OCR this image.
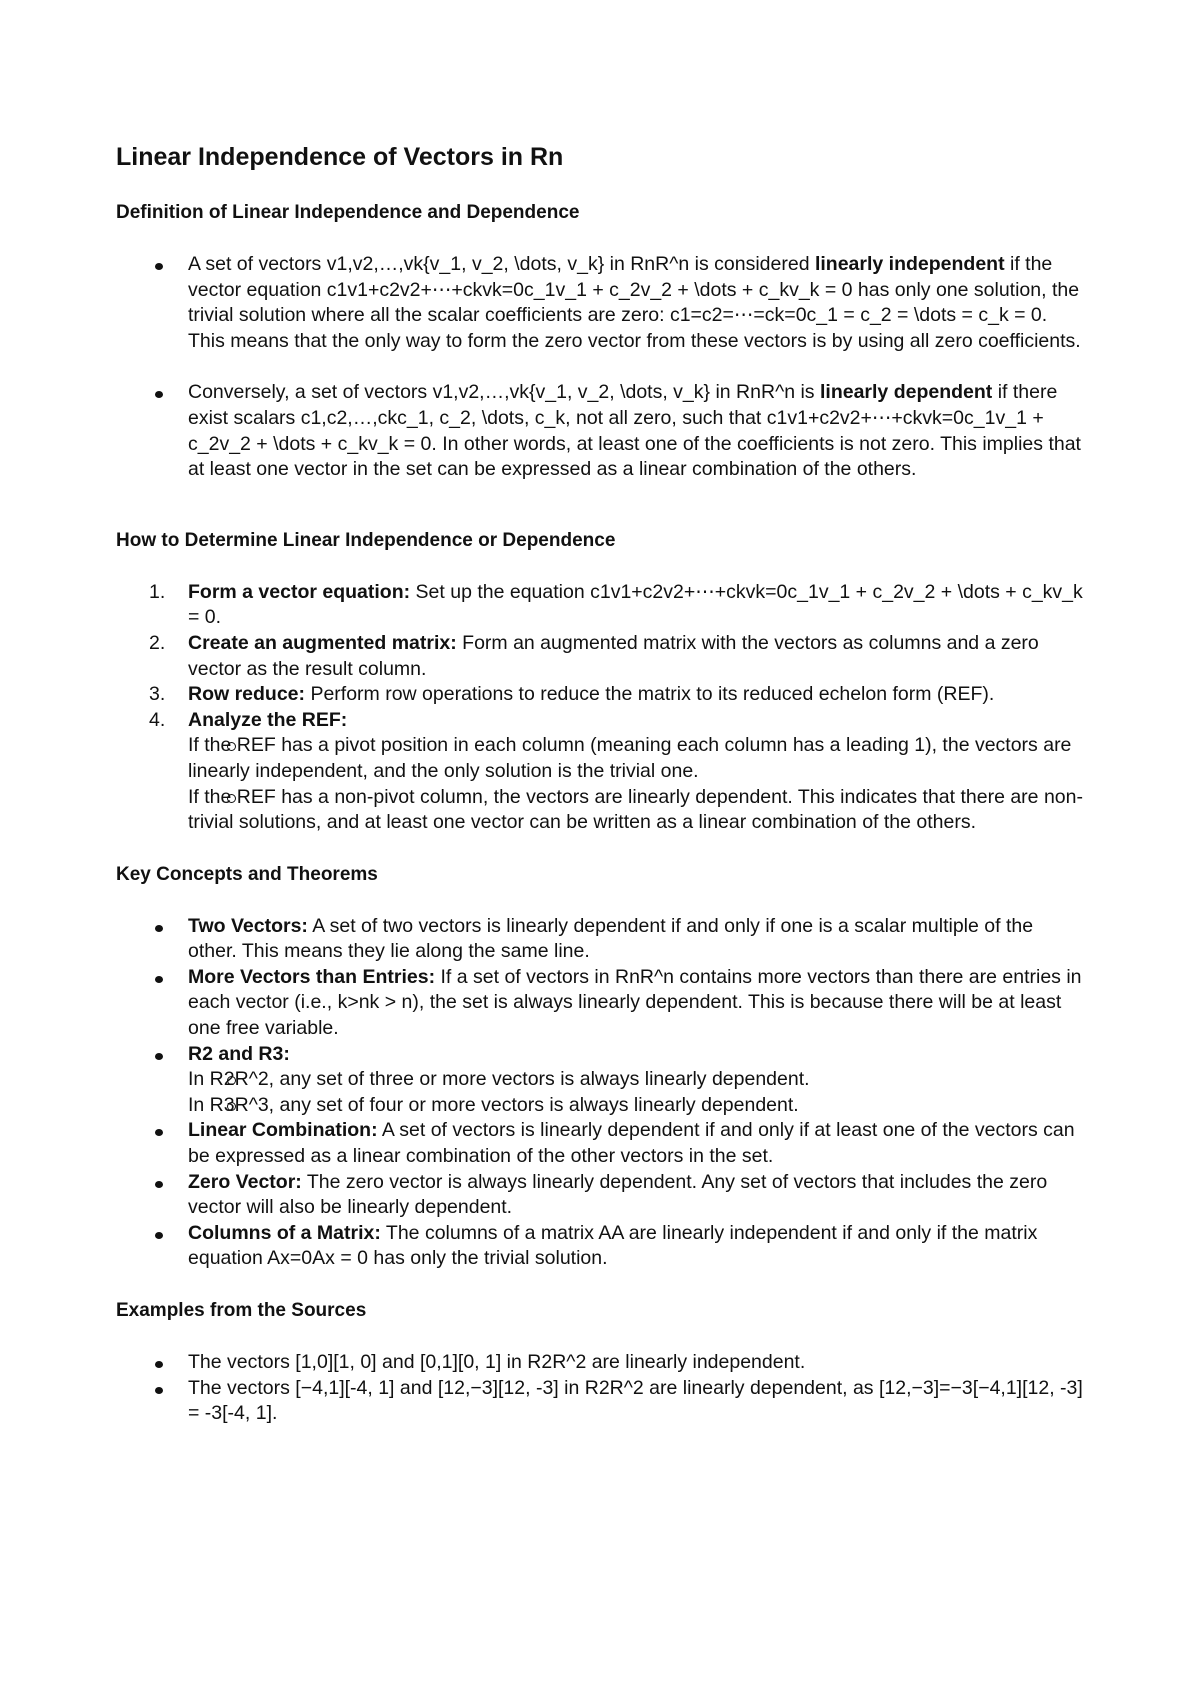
Linear Independence of Vectors in Rn
Definition of Linear Independence and Dependence
A set of vectors v1,v2,…,vk{v_1, v_2, \dots, v_k} in RnR^n is considered linearly independent if the vector equation c1v1+c2v2+⋯+ckvk=0c_1v_1 + c_2v_2 + \dots + c_kv_k = 0 has only one solution, the trivial solution where all the scalar coefficients are zero: c1=c2=⋯=ck=0c_1 = c_2 = \dots = c_k = 0. This means that the only way to form the zero vector from these vectors is by using all zero coefficients.
Conversely, a set of vectors v1,v2,…,vk{v_1, v_2, \dots, v_k} in RnR^n is linearly dependent if there exist scalars c1,c2,…,ckc_1, c_2, \dots, c_k, not all zero, such that c1v1+c2v2+⋯+ckvk=0c_1v_1 + c_2v_2 + \dots + c_kv_k = 0. In other words, at least one of the coefficients is not zero. This implies that at least one vector in the set can be expressed as a linear combination of the others.
How to Determine Linear Independence or Dependence
1.	Form a vector equation: Set up the equation c1v1+c2v2+⋯+ckvk=0c_1v_1 + c_2v_2 + \dots + c_kv_k = 0.
2.	Create an augmented matrix: Form an augmented matrix with the vectors as columns and a zero vector as the result column.
3.	Row reduce: Perform row operations to reduce the matrix to its reduced echelon form (REF).
4.	Analyze the REF:
If the REF has a pivot position in each column (meaning each column has a leading 1), the vectors are linearly independent, and the only solution is the trivial one.
If the REF has a non-pivot column, the vectors are linearly dependent. This indicates that there are non-trivial solutions, and at least one vector can be written as a linear combination of the others.
Key Concepts and Theorems
Two Vectors: A set of two vectors is linearly dependent if and only if one is a scalar multiple of the other. This means they lie along the same line.
More Vectors than Entries: If a set of vectors in RnR^n contains more vectors than there are entries in each vector (i.e., k>nk > n), the set is always linearly dependent. This is because there will be at least one free variable.
R2 and R3:
In R2R^2, any set of three or more vectors is always linearly dependent.
In R3R^3, any set of four or more vectors is always linearly dependent.
Linear Combination: A set of vectors is linearly dependent if and only if at least one of the vectors can be expressed as a linear combination of the other vectors in the set.
Zero Vector: The zero vector is always linearly dependent. Any set of vectors that includes the zero vector will also be linearly dependent.
Columns of a Matrix: The columns of a matrix AA are linearly independent if and only if the matrix equation Ax=0Ax = 0 has only the trivial solution.
Examples from the Sources
The vectors [1,0][1, 0] and [0,1][0, 1] in R2R^2 are linearly independent.
The vectors [−4,1][-4, 1] and [12,−3][12, -3] in R2R^2 are linearly dependent, as [12,−3]=−3[−4,1][12, -3] = -3[-4, 1].
